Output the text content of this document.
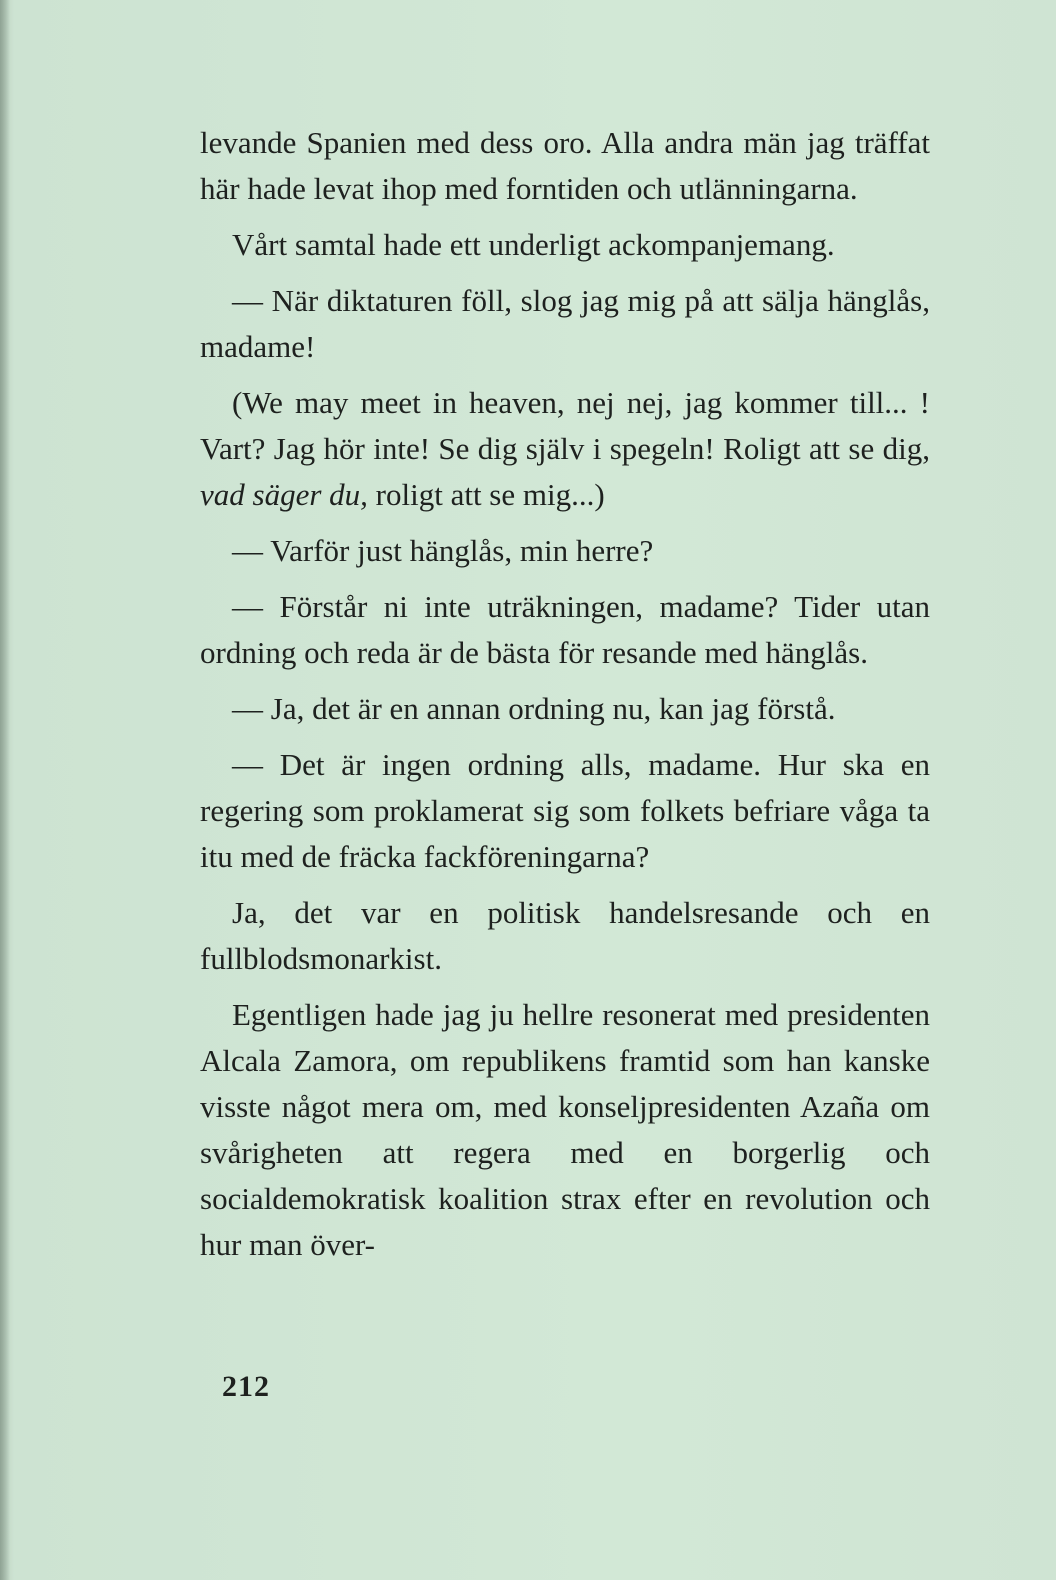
levande Spanien med dess oro. Alla andra män jag träffat här hade levat ihop med forntiden och utlänningarna.

Vårt samtal hade ett underligt ackompanjemang.

— När diktaturen föll, slog jag mig på att sälja hänglås, madame!

(We may meet in heaven, nej nej, jag kommer till... ! Vart? Jag hör inte! Se dig själv i spegeln! Roligt att se dig, vad säger du, roligt att se mig...)

— Varför just hänglås, min herre?

— Förstår ni inte uträkningen, madame? Tider utan ordning och reda är de bästa för resande med hänglås.

— Ja, det är en annan ordning nu, kan jag förstå.

— Det är ingen ordning alls, madame. Hur ska en regering som proklamerat sig som folkets befriare våga ta itu med de fräcka fackföreningarna?

Ja, det var en politisk handelsresande och en fullblodsmonarkist.

Egentligen hade jag ju hellre resonerat med presidenten Alcala Zamora, om republikens framtid som han kanske visste något mera om, med konseljpresidenten Azaña om svårigheten att regera med en borgerlig och socialdemokratisk koalition strax efter en revolution och hur man över-

212
